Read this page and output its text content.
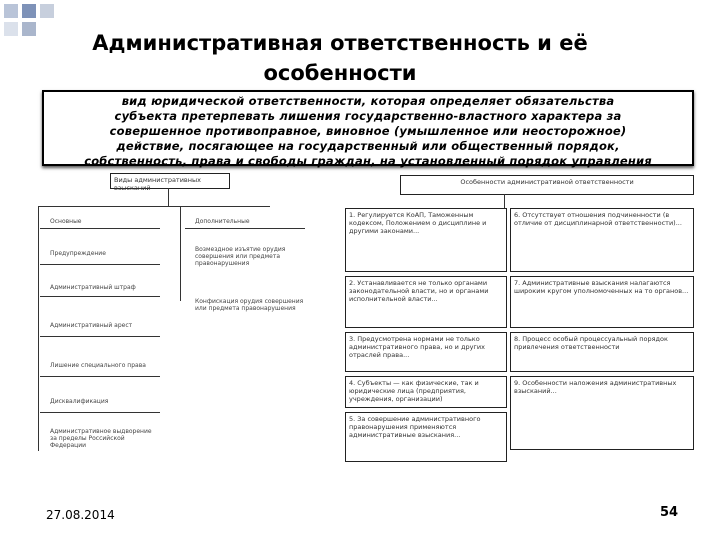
Административная ответственность и её
особенности

вид юридической ответственности, которая определяет обязательства
субъекта претерпевать лишения государственно-властного характера за
совершенное противоправное, виновное (умышленное или неосторожное)
действие, посягающее на государственный или общественный порядок,
собственность, права и свободы граждан, на установленный порядок управления

Виды административных взысканий
Основные	Дополнительные
Предупреждение
Возмездное изъятие орудия совершения или предмета правонарушения
Административный штраф
Конфискация орудия совершения или предмета правонарушения
Административный арест
Лишение специального права
Дисквалификация
Административное выдворение за пределы Российской Федерации
Особенности административной ответственности
1. Регулируется КоАП, Таможенным кодексом, Положением о дисциплине и другими законами...
2. Устанавливается не только органами законодательной власти, но и органами исполнительной власти...
3. Предусмотрена нормами не только административного права, но и других отраслей права...
4. Субъекты — как физические, так и юридические лица (предприятия, учреждения, организации)
5. За совершение административного правонарушения применяются административные взыскания...
6. Отсутствует отношения подчиненности (в отличие от дисциплинарной ответственности)...
7. Административные взыскания налагаются широким кругом уполномоченных на то органов...
8. Процесс особый процессуальный порядок привлечения ответственности
9. Особенности наложения административных взысканий...
27.08.2014	54
